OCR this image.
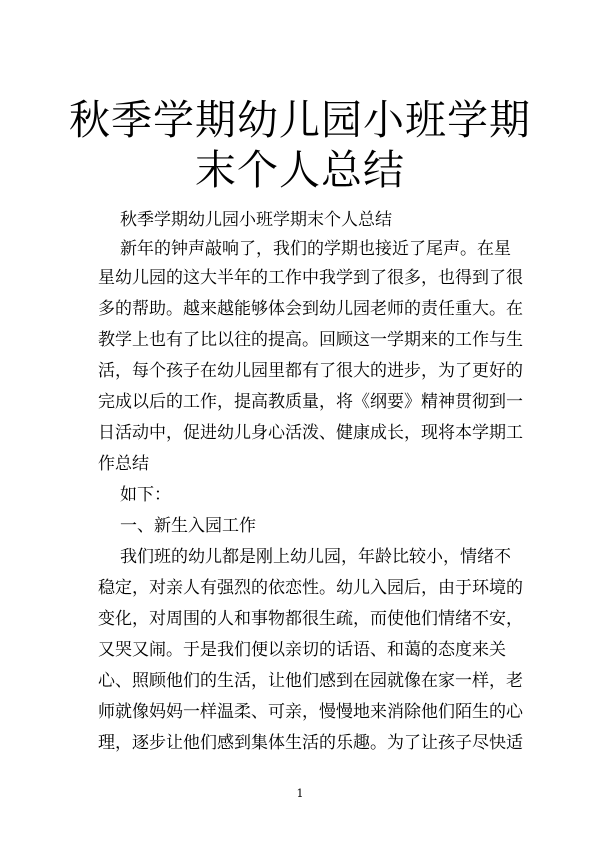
秋季学期幼儿园小班学期
末个人总结

秋季学期幼儿园小班学期末个人总结

新年的钟声敲响了，我们的学期也接近了尾声。在星

星幼儿园的这大半年的工作中我学到了很多，也得到了很

多的帮助。越来越能够体会到幼儿园老师的责任重大。在

教学上也有了比以往的提高。回顾这一学期来的工作与生

活，每个孩子在幼儿园里都有了很大的进步，为了更好的

完成以后的工作，提高教质量，将《纲要》精神贯彻到一

日活动中，促进幼儿身心活泼、健康成长，现将本学期工

作总结

如下：

一、新生入园工作

我们班的幼儿都是刚上幼儿园，年龄比较小，情绪不

稳定，对亲人有强烈的依恋性。幼儿入园后，由于环境的

变化，对周围的人和事物都很生疏，而使他们情绪不安，

又哭又闹。于是我们便以亲切的话语、和蔼的态度来关

心、照顾他们的生活，让他们感到在园就像在家一样，老

师就像妈妈一样温柔、可亲，慢慢地来消除他们陌生的心

理，逐步让他们感到集体生活的乐趣。为了让孩子尽快适

1
